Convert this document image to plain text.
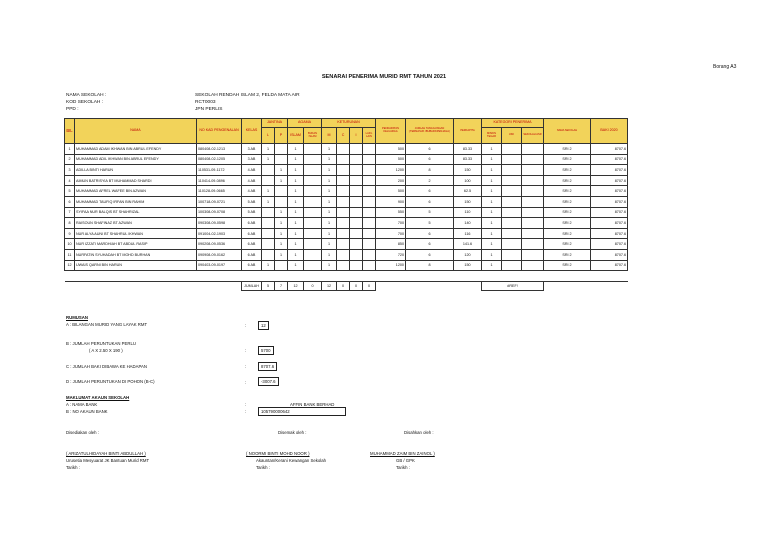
Borang A3
SENARAI PENERIMA MURID RMT TAHUN 2021
NAMA SEKOLAH :	SEKOLAH RENDAH ISLAM 2, FELDA MATA AIR
KOD SEKOLAH :	RCT0003
PPD :	JPN PERLIS
BIL	NAMA	NO KAD PENGENALAN	KELAS	JANTINA		AGAMA		KETURUNAN				PENDAPATAN KELUARGA	JUMLAH TANGGUNGAN (TERMASUK IBUBAPA/PENJAGA)	PERKAPITA	KATEGORI PENERIMA			NAMA SEKOLAH	BAKI 2020
				L	P	ISLAM	BUKAN ISLAM	M	C	I	LAIN-LAIN				MISKIN TEGAR	UKK	SEKOLAH ASR		
1	MUHAMMAD ADAM IKHWAN BIN ABRUL EFENDY	080408-02-1213	3 AB	1		1		1				500	6	83.33	1			SRI 2	8707.6
2	MUHAMMAD ADIL IKHWAN BIN ABRUL EFENDY	080408-02-1205	3 AB	1		1		1				500	6	83.33	1			SRI 2	8707.6
3	ADILLA BINTI HARUN	110531-09-1172	4 AB		1	1		1				1200	8	150	1			SRI 2	8707.6
4	AIMUN BATRISYIA BT MUHAMMAD SHARDI	110414-09-0896	4 AB		1	1		1				200	2	100	1			SRI 2	8707.6
5	MUHAMMAD AFREL WAFEE BIN AZWAN	110128-09-0665	4 AB	1		1		1				500	6	62.5	1			SRI 2	8707.6
6	MUHAMMAD TAUFIQ IRFAN BIN RAHIM	100718-09-0721	5 AB	1		1		1				900	6	150	1			SRI 2	8707.6
7	SYIFAA NUR BALQIS BT SHAHRIZAL	100308-09-0708	5 AB		1	1		1				550	5	110	1			SRI 2	8707.6
8	RAISOUN SHAFINAZ BT AZWAN	090308-09-0598	6 AB		1	1		1				700	5	140	1			SRI 2	8707.6
9	NUR ALYA AUNI BT SHAHRUL IKHWAN	091004-02-1903	6 AB		1	1		1				700	6	116	1			SRI 2	8707.6
10	NUR IZZATI MARDHIAH BT ABDUL RASIP	090208-09-0536	6 AB		1	1		1				850	6	141.6	1			SRI 2	8707.6
11	NURFATIN SYUHADAH BT MOHD BURHAN	090908-09-0162	6 AB		1	1		1				720	6	120	1			SRI 2	8707.6
12	UWAIS QARNI BIN HARUN	090403-09-0197	6 AB	1		1		1				1200	8	150	1			SRI 2	8707.6

			JUMLAH	5	7	12	0	12	0	0	0				#REF!				
RUMUSAN
A : BILANGAN MURID YANG LAYAK RMT	:	12
B : JUMLAH PERUNTUKAN PERLU
( A X 2.50 X 190 )	:	5700
C : JUMLAH BAKI DIBAWA KE HADAPAN	:	8707.6
D : JUMLAH PERUNTUKAN DI POHON (B-C)	:	-3007.6
MAKLUMAT AKAUN SEKOLAH
A : NAMA BANK	:	AFFIN BANK BERHAD
B : NO AKAUN BANK	:	105790000642
Disediakan oleh :	Disemak oleh :	Disahkan oleh :
( ARIZATULHIDAYAH BINTI ABDULLAH )
Urusetia Mesyuarat JK Bantuan Murid RMT
Tarikh :
( NOORMI BINTI MOHD NOOR )
Akauntan/Kerani Kewangan Sekolah
Tarikh :
MUHAMMAD ZAIM BIN ZAINOL )
GB / GPK
Tarikh :
